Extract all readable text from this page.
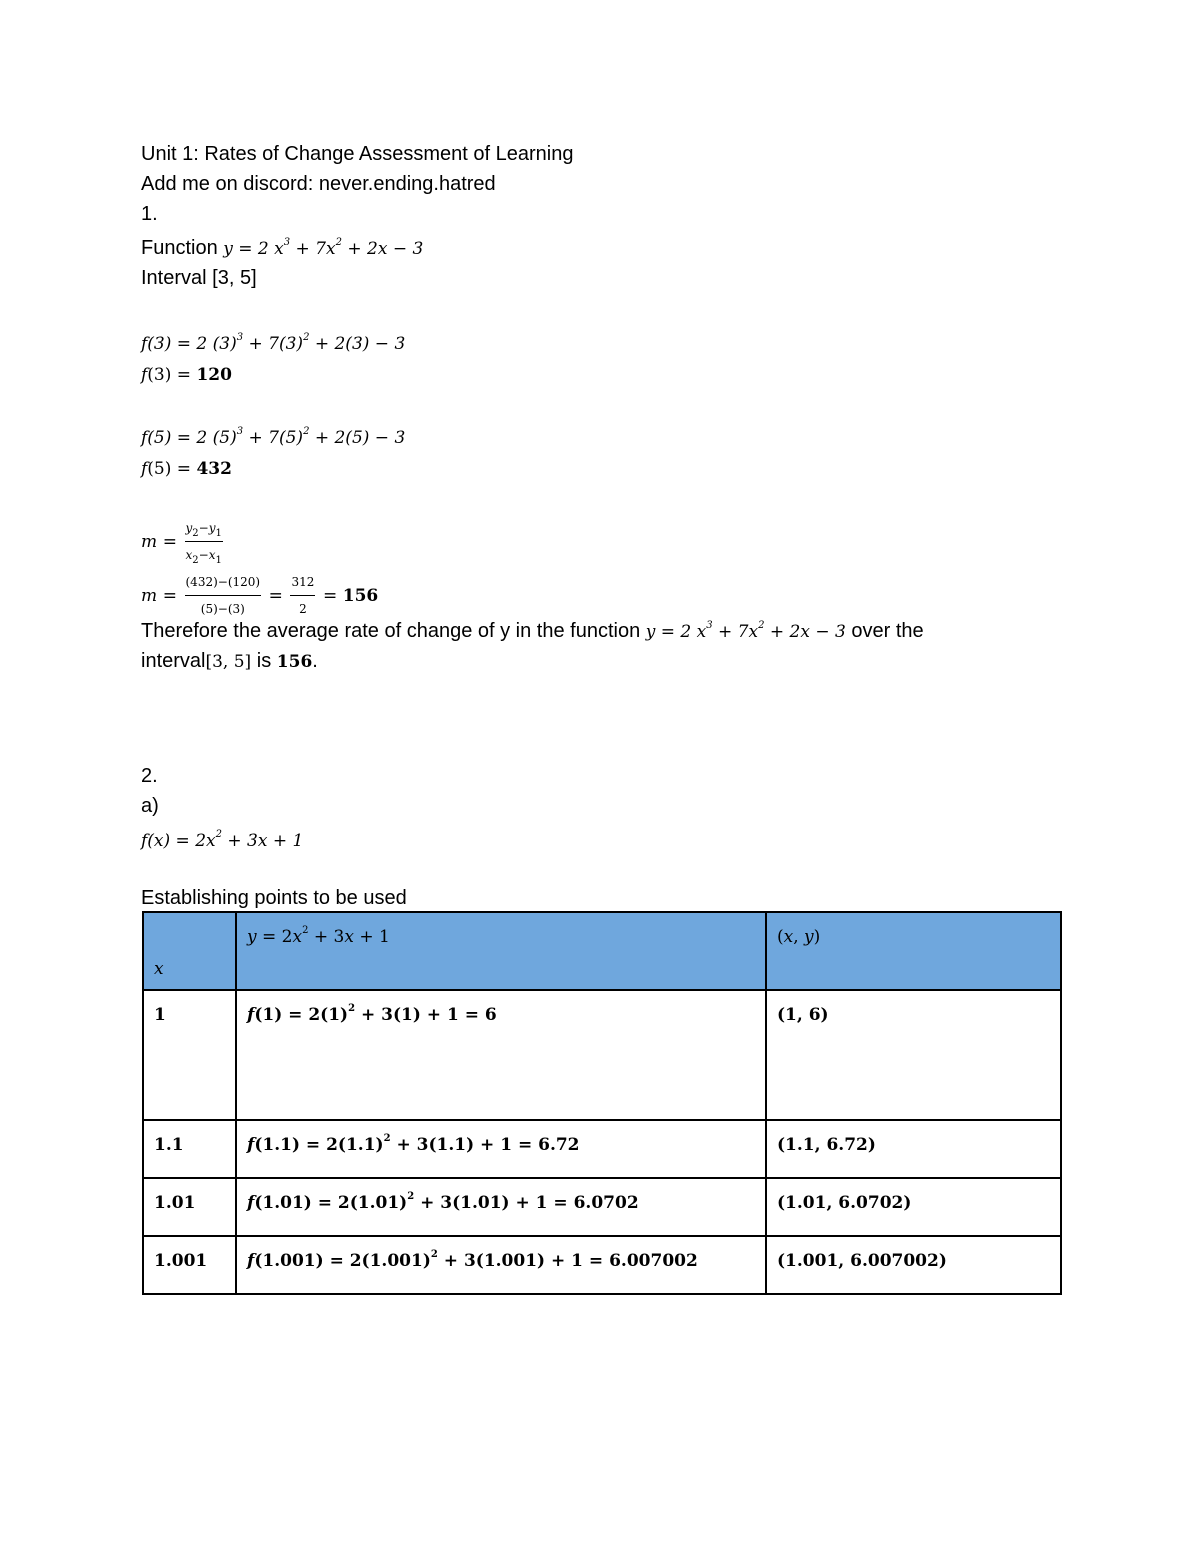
Unit 1: Rates of Change Assessment of Learning
Add me on discord: never.ending.hatred
1.
Function y = 2 $x^3 + 7x^2 + 2x - 3$
Interval [3, 5]
f(3) = 2 $(3)^3 + 7(3)^2 + 2(3) - 3$
f(3) = 120
f(5) = 2 $(5)^3 + 7(5)^2 + 2(5) - 3$
f(5) = 432
$m = \frac{y_2-y_1}{x_2-x_1}$
$m = \frac{(432)-(120)}{(5)-(3)} = \frac{312}{2} = 156$
Therefore the average rate of change of y in the function y = 2 $x^3 + 7x^2 + 2x - 3$ over the
interval[3, 5] is 156.
2.
a)
$f(x) = 2x^2 + 3x + 1$
Establishing points to be used
x	$y = 2x^2 + 3x + 1$	(x, y)
1	$f(1) = 2(1)^2 + 3(1) + 1 = 6$	(1, 6)
1.1	$f(1.1) = 2(1.1)^2 + 3(1.1) + 1 = 6.72$	(1.1, 6.72)
1.01	$f(1.01) = 2(1.01)^2 + 3(1.01) + 1 = 6.0702$	(1.01, 6.0702)
1.001	$f(1.001) = 2(1.001)^2 + 3(1.001) + 1 = 6.007002$	(1.001, 6.007002)
